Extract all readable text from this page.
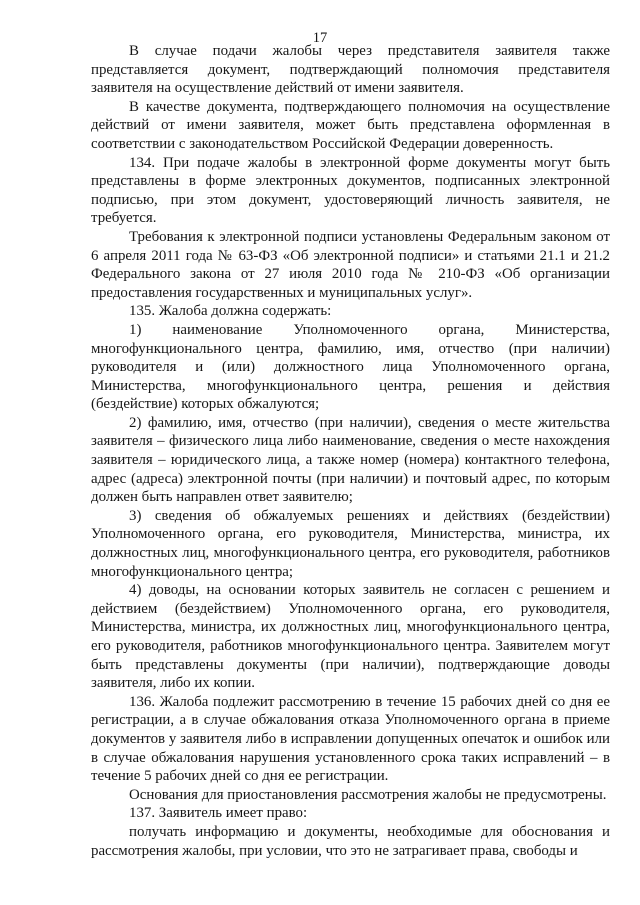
17

В случае подачи жалобы через представителя заявителя также представляется документ, подтверждающий полномочия представителя заявителя на осуществление действий от имени заявителя.

В качестве документа, подтверждающего полномочия на осуществление действий от имени заявителя, может быть представлена оформленная в соответствии с законодательством Российской Федерации доверенность.

134. При подаче жалобы в электронной форме документы могут быть представлены в форме электронных документов, подписанных электронной подписью, при этом документ, удостоверяющий личность заявителя, не требуется.

Требования к электронной подписи установлены Федеральным законом от 6 апреля 2011 года № 63-ФЗ «Об электронной подписи» и статьями 21.1 и 21.2 Федерального закона от 27 июля 2010 года № 210-ФЗ «Об организации предоставления государственных и муниципальных услуг».

135. Жалоба должна содержать:

1) наименование Уполномоченного органа, Министерства, многофункционального центра, фамилию, имя, отчество (при наличии) руководителя и (или) должностного лица Уполномоченного органа, Министерства, многофункционального центра, решения и действия (бездействие) которых обжалуются;

2) фамилию, имя, отчество (при наличии), сведения о месте жительства заявителя – физического лица либо наименование, сведения о месте нахождения заявителя – юридического лица, а также номер (номера) контактного телефона, адрес (адреса) электронной почты (при наличии) и почтовый адрес, по которым должен быть направлен ответ заявителю;

3) сведения об обжалуемых решениях и действиях (бездействии) Уполномоченного органа, его руководителя, Министерства, министра, их должностных лиц, многофункционального центра, его руководителя, работников многофункционального центра;

4) доводы, на основании которых заявитель не согласен с решением и действием (бездействием) Уполномоченного органа, его руководителя, Министерства, министра, их должностных лиц, многофункционального центра, его руководителя, работников многофункционального центра. Заявителем могут быть представлены документы (при наличии), подтверждающие доводы заявителя, либо их копии.

136. Жалоба подлежит рассмотрению в течение 15 рабочих дней со дня ее регистрации, а в случае обжалования отказа Уполномоченного органа в приеме документов у заявителя либо в исправлении допущенных опечаток и ошибок или в случае обжалования нарушения установленного срока таких исправлений – в течение 5 рабочих дней со дня ее регистрации.

Основания для приостановления рассмотрения жалобы не предусмотрены.

137. Заявитель имеет право:

получать информацию и документы, необходимые для обоснования и рассмотрения жалобы, при условии, что это не затрагивает права, свободы и
